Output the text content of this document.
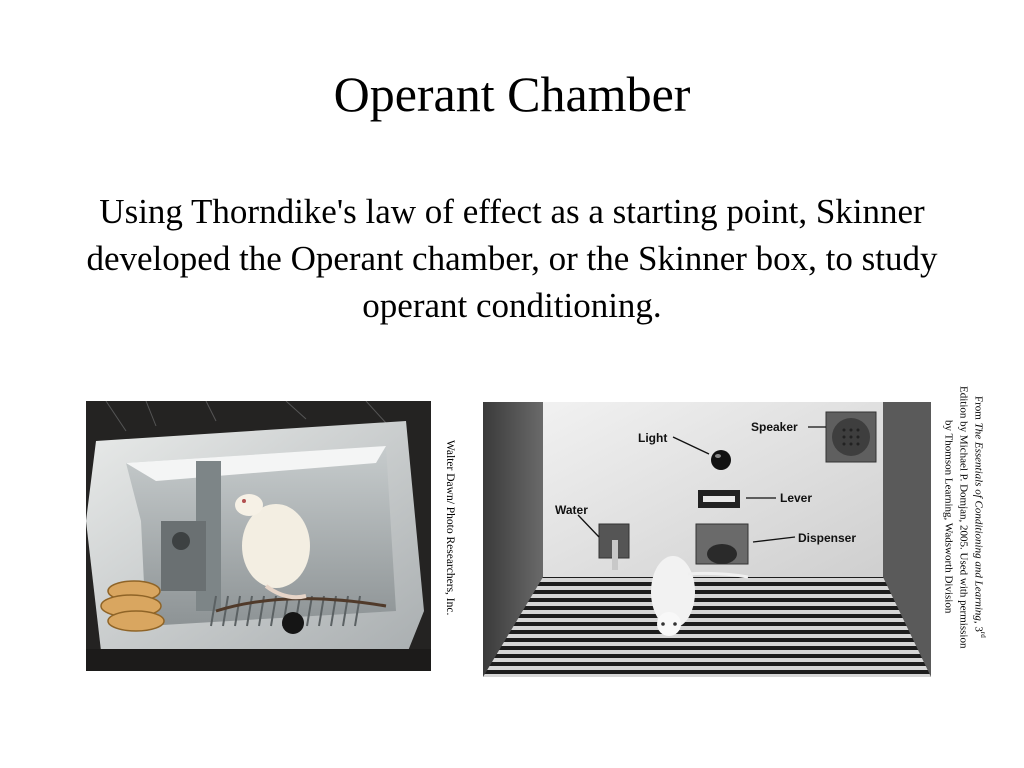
Operant Chamber
Using Thorndike's law of effect as a starting point, Skinner developed the Operant chamber, or the Skinner box, to study operant conditioning.
Walter Dawn/ Photo Researchers, Inc.
Light
Speaker
Water
Lever
Dispenser
From The Essentials of Conditioning and Learning, 3rd
Edition by Michael P. Domjan, 2005. Used with permission
by Thomson Learning, Wadsworth Division
